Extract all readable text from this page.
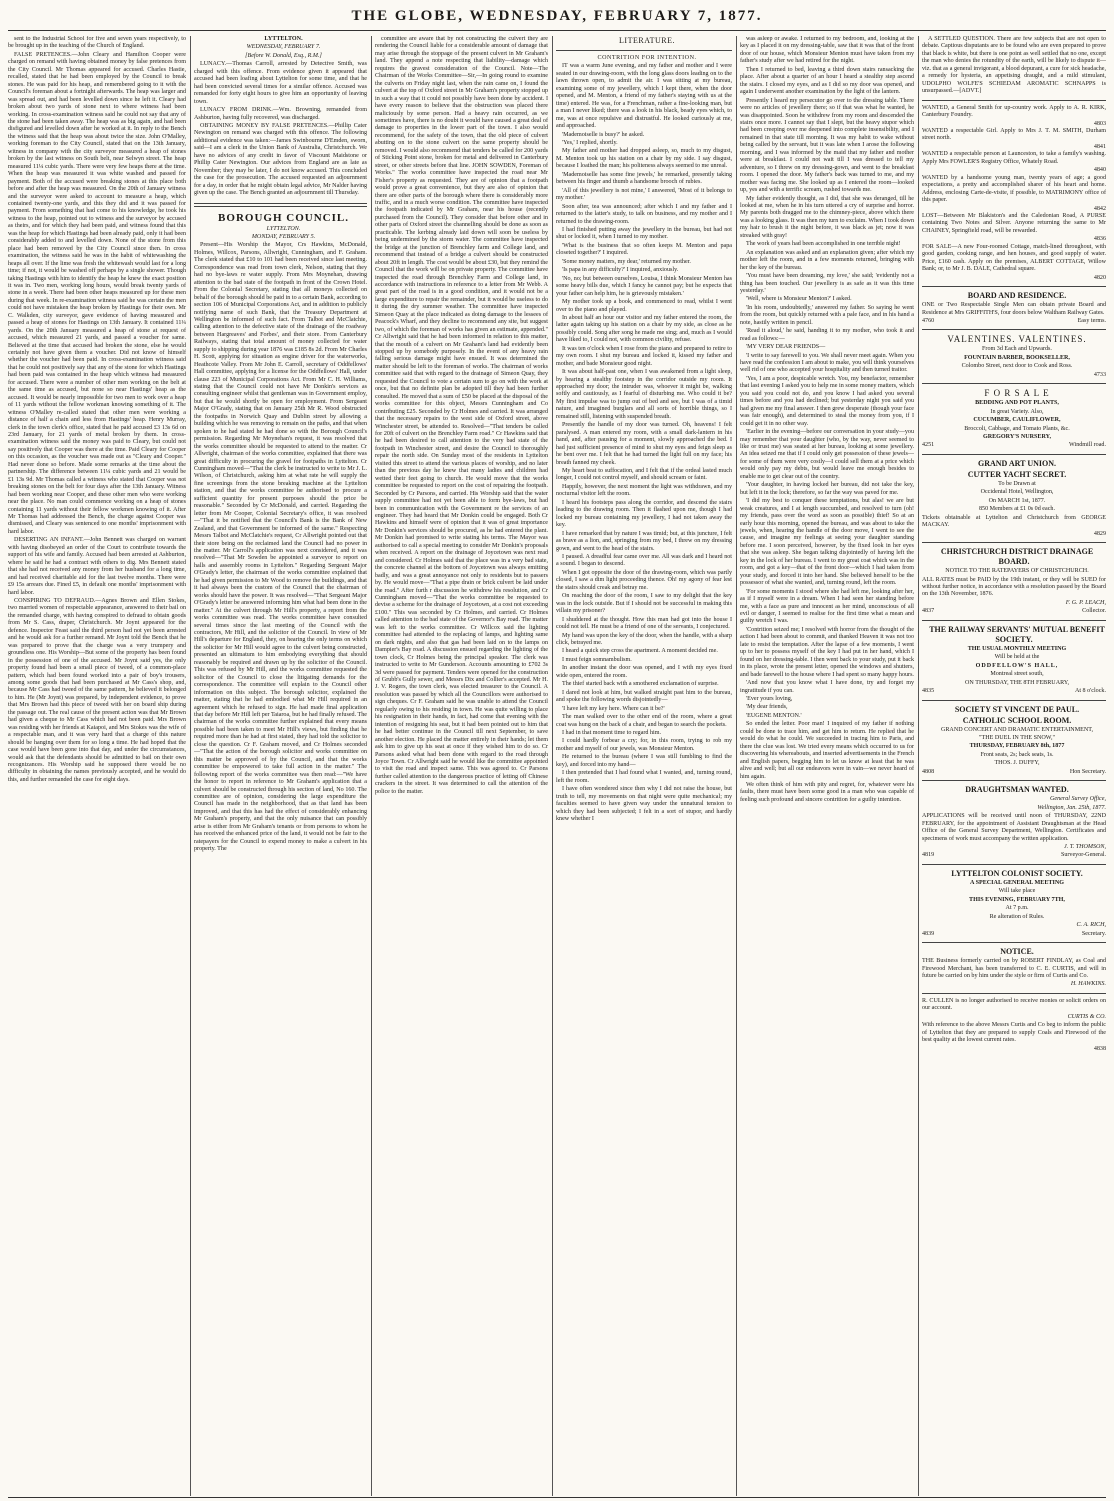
THE GLOBE, WEDNESDAY, FEBRUARY 7, 1877.

sent to the Industrial School for five and seven years respectively, to be brought up in the teaching of the Church of England.

FALSE PRETENCES.—John Cleary and Hamilton Cooper were charged on remand with having obtained money by false pretences from the City Council. Mr Thomas appeared for accused. Charles Hastie, recalled, stated that he had been employed by the Council to break stones. He was paid for his heap, and remembered going to it with the Council's foreman about a fortnight afterwards. The heap was larger and was spread out, and had been levelled down since he left it. Cleary had broken about two yards of stone next to where witness had been working. In cross-examination witness said he could not say that any of the stone had been taken away. The heap was as big again, and had been disfigured and levelled down after he worked at it. In reply to the Bench the witness said that the heap was about twice the size. John O'Malley, working foreman to the City Council, stated that on the 13th January, witness in company with the city surveyor measured a heap of stones broken by the last witness on South belt, near Selwyn street. The heap measured 11¼ cubic yards. There were very few heaps there at the time. When the heap was measured it was white washed and passed for payment. Both of the accused were breaking stones at this place both before and after the heap was measured. On the 20th of January witness and the surveyor were asked to account to measure a heap, which contained twenty-one yards, and this they did and it was passed for payment. From something that had come to his knowledge, he took his witness to the heap, pointed out to witness and the surveyor by accused as theirs, and for which they had been paid, and witness found that this was the heap for which Hastings had been already paid, only it had been considerably added to and levelled down. None of the stone from this place had been removed by the City Council since then. In cross examination, the witness said he was in the habit of whitewashing the heaps all over. If the lime was fresh the whitewash would last for a long time; if not, it would be washed off perhaps by a single shower. Though taking Hastings with him to identify the heap he knew the exact position it was in. Two men, working long hours, would break twenty yards of stone in a week. There had been other heaps measured up for these men during that week. In re-examination witness said he was certain the men could not have mistaken the heap broken by Hastings for their own. Mr C. Walkden, city surveyor, gave evidence of having measured and passed a heap of stones for Hastings on 13th January. It contained 11¼ yards. On the 20th January measured a heap of stone at request of accused, which measured 21 yards, and passed a voucher for same. Believed at the time that accused had broken the stone, else he would certainly not have given them a voucher. Did not know of himself whether the voucher had been paid. In cross-examination witness said that he could not positively say that any of the stone for which Hastings had been paid was contained in the heap which witness had measured for accused. There were a number of other men working on the belt at the same time as accused, but none so near Hastings' heap as the accused. It would be nearly impossible for two men to work over a heap of 11 yards without the fellow workman knowing something of it. The witness O'Malley re-called stated that other men were working a distance of half a chain and less from Hastings' heap. Henry Murray, clerk in the town clerk's office, stated that he paid accused £3 13s 6d on 23rd January, for 21 yards of metal broken by them. In cross-examination witness said the money was paid to Cleary, but could not say positively that Cooper was there at the time. Paid Cleary for Cooper on this occasion, as the voucher was made out as "Cleary and Cooper." Had never done so before. Made some remarks at the time about the partnership. The difference between 11¼ cubic yards and 21 would be £1 13s 9d. Mr Thomas called a witness who stated that Cooper was not breaking stones on the belt for four days after the 13th January. Witness had been working near Cooper, and these other men who were working near the place. No man could commence working on a heap of stones containing 11 yards without their fellow workmen knowing of it. After Mr Thomas had addressed the Bench, the charge against Cooper was dismissed, and Cleary was sentenced to one months' imprisonment with hard labor.

DESERTING AN INFANT.—John Bennett was charged on warrant with having disobeyed an order of the Court to contribute towards the support of his wife and family. Accused had been arrested at Ashburton, where he said he had a contract with others to dig. Mrs Bennett stated that she had not received any money from her husband for a long time, and had received charitable aid for the last twelve months. There were £9 15s arrears due. Fined £5, in default one months' imprisonment with hard labor.

CONSPIRING TO DEFRAUD.—Agnes Brown and Ellen Stokes, two married women of respectable appearance, answered to their bail on the remanded charge, with having conspired to defraud to obtain goods from Mr S. Cass, draper, Christchurch. Mr Joynt appeared for the defence. Inspector Feast said the third person had not yet been arrested and he would ask for a further remand. Mr Joynt told the Bench that he was prepared to prove that the charge was a very trumpery and groundless one. His Worship—But some of the property has been found in the possession of one of the accused. Mr Joynt said yes, the only property found had been a small piece of tweed, of a common-place pattern, which had been found worked into a pair of boy's trousers, among some goods that had been purchased at Mr Cass's shop, and, because Mr Cass had tweed of the same pattern, he believed it belonged to him. He (Mr Joynt) was prepared, by independent evidence, to prove that Mrs Brown had this piece of tweed with her on board ship during the passage out. The real cause of the present action was that Mr Brown had given a cheque to Mr Cass which had not been paid. Mrs Brown was residing with her friends at Kaiapoi, and Mrs Stokes was the wife of a respectable man, and it was very hard that a charge of this nature should be hanging over them for so long a time. He had hoped that the case would have been gone into that day, and under the circumstances, would ask that the defendants should be admitted to bail on their own recognizances. His Worship said he supposed there would be no difficulty in obtaining the names previously accepted, and he would do this, and further remanded the case for eight days.

LYTTELTON.

WEDNESDAY, FEBRUARY 7.

[Before W. Donald, Esq., R.M.]

LUNACY.—Thomas Carroll, arrested by Detective Smith, was charged with this offence. From evidence given it appeared that accused had been loafing about Lyttelton for some time, and that he had been convicted several times for a similar offence. Accused was remanded for forty eight hours to give him an opportunity of leaving town.

LUNACY FROM DRINK.—Wm. Browning, remanded from Ashburton, having fully recovered, was discharged.

OBTAINING MONEY BY FALSE PRETENCES.—Phillip Cater Newington on remand was charged with this offence. The following additional evidence was taken:—James Swinbourne D'Emden, sworn, said—I am a clerk in the Union Bank of Australia, Christchurch. We have no advices of any credit in favor of Viscount Maidstone or Phillip Cater Newington. Our advices from England are as late as November; they may be later, I do not know accused. This concluded the case for the prosecution. The accused requested an adjournment for a day, in order that he might obtain legal advice, Mr Nalder having given up the case. The Bench granted an adjournment till Thursday.

BOROUGH COUNCIL.

LYTTELTON.

MONDAY, FEBRUARY 5.

Present—His Worship the Mayor, Crs Hawkins, McDonald, Holmes, Willcox, Parsons, Allwright, Cunningham, and F. Graham. The clerk stated that £10 to 101 had been received since last meeting. Correspondence was read from town clerk, Nelson, stating that they had no bye-laws re water supply. From Mrs Moynehan, drawing attention to the bad state of the footpath in front of the Crown Hotel. From the Colonial Secretary, stating that all moneys collected on behalf of the borough should be paid in to a certain Bank, according to section 106 of Municipal Corporations Act, and in addition to publicly notifying name of such Bank, that the Treasury Department at Wellington be informed of such fact. From Talbot and McClatchie, calling attention to the defective state of the drainage of the roadway between Hargreaves' and Forbes', and their store. From Canterbury Railways, stating that total amount of money collected for water supply to shipping during year 1876 was £185 8s 2d. From Mr Charles H. Scott, applying for situation as engine driver for the waterworks, Heathcote Valley. From Mr John E. Carroll, secretary of Oddfellows' Hall committee, applying for a license for the Oddfellows' Hall, under clause 223 of Municipal Corporations Act. From Mr C. H. Williams, stating that the Council could not have Mr Donkin's services as consulting engineer whilst that gentleman was in Government employ, but that he would shortly be open for employment. From Sergeant Major O'Grady, stating that on January 25th Mr R. Wood obstructed the footpaths in Norwich Quay and Dublin street by allowing a building which he was removing to remain on the paths, and that when spoken to he had stated he had done so with the Borough Council's permission. Regarding Mr Moynehan's request, it was resolved that the works committee should be requested to attend to the matter. Cr Allwright, chairman of the works committee, explained that there was great difficulty in procuring the gravel for footpaths in Lyttelton. Cr Cunningham moved—"That the clerk be instructed to write to Mr J. L. Wilson, of Christchurch, asking him at what rate he will supply the fine screenings from the stone breaking machine at the Lyttelton station, and that the works committee be authorised to procure a sufficient quantity for present purposes should the price be reasonable." Seconded by Cr McDonald, and carried. Regarding the letter from Mr Cooper, Colonial Secretary's office, it was resolved—"That it be notified that the Council's Bank is the Bank of New Zealand, and that Government be informed of the same." Respecting Messrs Talbot and McClatchie's request, Cr Allwright pointed out that their store being on the reclaimed land the Council had no power in the matter. Mr Carroll's application was next considered, and it was resolved—"That Mr Sowden be appointed a surveyor to report on halls and assembly rooms in Lyttelton." Regarding Sergeant Major O'Grady's letter, the chairman of the works committee explained that he had given permission to Mr Wood to remove the buildings, and that it had always been the custom of the Council that the chairman of works should have the power. It was resolved—"That Sergeant Major O'Grady's letter be answered informing him what had been done in the matter." At the culvert through Mr Hill's property, a report from the works committee was read. The works committee have consulted several times since the last meeting of the Council with the contractors, Mr Hill, and the solicitor of the Council. In view of Mr Hill's departure for England, they, on hearing the only terms on which the solicitor for Mr Hill would agree to the culvert being constructed, presented an ultimatum to him embodying everything that should reasonably be required and drawn up by the solicitor of the Council. This was refused by Mr Hill, and the works committee requested the solicitor of the Council to close the litigating demands for the correspondence. The committee will explain to the Council other information on this subject. The borough solicitor, explained the matter, stating that he had embodied what Mr Hill required in an agreement which he refused to sign. He had made final application that day before Mr Hill left per Taiaroa, but he had finally refused. The chairman of the works committee further explained that every means possible had been taken to meet Mr Hill's views, but finding that he required more than he had at first stated, they had told the solicitor to close the question. Cr F. Graham moved, and Cr Holmes seconded—"That the action of the borough solicitor and works committee on this matter be approved of by the Council, and that the works committee be empowered to take full action in the matter." The following report of the works committee was then read:—"We have the honor to report in reference to Mr Graham's application that a culvert should be constructed through his section of land, No 160. The committee are of opinion, considering the large expenditure the Council has made in the neighborhood, that as that land has been improved, and that this has had the effect of considerably enhancing Mr Graham's property, and that the only nuisance that can possibly arise is either from Mr Graham's tenants or from persons to whom he has received the enhanced price of the land, it would not be fair to the ratepayers for the Council to expend money to make a culvert in his property. The

committee are aware that by not constructing the culvert they are rendering the Council liable for a considerable amount of damage that may arise through the stoppage of the present culvert in Mr Graham's land. They append a note respecting that liability—damage which requires the gravest consideration of the Council. Note—The Chairman of the Works Committee—Sir,—In going round to examine the culverts on Friday night last, when the rain came on, I found the culvert at the top of Oxford street in Mr Graham's property stopped up in such a way that it could not possibly have been done by accident. I have every reason to believe that the obstruction was placed there maliciously by some person. Had a heavy rain occurred, as we sometimes have, there is no doubt it would have caused a great deal of damage to properties in the lower part of the town. I also would recommend, for the safety of the town, that the old piece of culvert abutting on to the stone culvert on the same property should be removed. I would also recommend that tenders be called for 200 yards of Sticking Point stone, broken for metal and delivered in Canterbury street, or other streets before that line. JOHN SOWDEN, Foreman of Works." The works committee have inspected the road near Mr Fisher's property as requested. They are of opinion that a footpath would prove a great convenience, but they are also of opinion that there are other parts of the borough where there is considerably more traffic, and in a much worse condition. The committee have inspected the footpath indicated by Mr Graham, near his house (recently purchased from the Council). They consider that before other and in other parts of Oxford street the channelling should be done as soon as practicable. The kerbing already laid down will soon be useless by being undermined by the storm water. The committee have inspected the bridge at the junction of Brenchley farm and College land, and recommend that instead of a bridge a culvert should be constructed about 20ft in length. The cost would be about £30, but they remind the Council that the work will be on private property. The committee have inspected the road through Brenchley Farm and College land, in accordance with instructions in reference to a letter from Mr Webb. A great part of the road is in a good condition, and it would not be a large expenditure to repair the remainder, but it would be useless to do it during the dry summer weather. The committee have inspected Simeon Quay at the place indicated as doing damage to the lessees of Peacock's Wharf, and they decline to recommend any site, but suggest two, of which the foreman of works has given an estimate, appended." Cr Allwright said that he had been informed in relation to this matter, that the mouth of a culvert on Mr Graham's land had evidently been stopped up by somebody purposely. In the event of any heavy rain falling serious damage might have ensued. It was determined the matter should be left to the foreman of works. The chairman of works committee said that with regard to the drainage of Simeon Quay, they requested the Council to vote a certain sum to go on with the work at once, but that no definite plan be adopted till they had been further consulted. He moved that a sum of £50 be placed at the disposal of the works committee for this object, Messrs Cunningham and Co contributing £25. Seconded by Cr Holmes and carried. It was arranged that the necessary repairs to the west side of Oxford street, above Winchester street, be attended to. Resolved—"That tenders be called for 20ft of culvert on the Brenchley Farm road." Cr Hawkins said that he had been desired to call attention to the very bad state of the footpath in Winchester street, and desire the Council to thoroughly repair the north side. On Sunday most of the residents in Lyttelton visited this street to attend the various places of worship, and no later than the previous day he knew that many ladies and children had wetted their feet going to church. He would move that the works committee be requested to report on the cost of repairing the footpath. Seconded by Cr Parsons, and carried. His Worship said that the water supply committee had not yet been able to form bye-laws, but had been in communication with the Government re the services of an engineer. They had heard that Mr Donkin could be engaged. Both Cr Hawkins and himself were of opinion that it was of great importance Mr Donkin's services should be procured, as he had entered the plant. Mr Donkin had promised to write stating his terms. The Mayor was authorised to call a special meeting to consider Mr Donkin's proposals when received. A report on the drainage of Joycetown was next read and considered. Cr Holmes said that the place was in a very bad state, the concrete channel at the bottom of Joycetown was always emitting badly, and was a great annoyance not only to residents but to passers by. He would move—"That a pipe drain or brick culvert be laid under the road." After furth r discussion he withdrew his resolution, and Cr Cunningham moved—"That the works committee be requested to devise a scheme for the drainage of Joycetown, at a cost not exceeding £100." This was seconded by Cr Holmes, and carried. Cr Holmes called attention to the bad state of the Governor's Bay road. The matter was left to the works committee. Cr Willcox said the lighting committee had attended to the replacing of lamps, and lighting same on dark nights, and also that gas had been laid on to the lamps on Dampier's Bay road. A discussion ensued regarding the lighting of the town clock, Cr Holmes being the principal speaker. The clerk was instructed to write to Mr Gunderson. Accounts amounting to £702 3s 3d were passed for payment. Tenders were opened for the construction of Grubb's Gully sewer, and Messrs Dix and Collier's accepted. Mr H. J. V. Rogers, the town clerk, was elected treasurer to the Council. A resolution was passed by which all the Councillors were authorised to sign cheques. Cr F. Graham said he was unable to attend the Council regularly owing to his residing in town. He was quite willing to place his resignation in their hands, in fact, had come that evening with the intention of resigning his seat, but it had been pointed out to him that he had better continue in the Council till next September, to save another election. He placed the matter entirely in their hands; let them ask him to give up his seat at once if they wished him to do so. Cr Parsons asked what had been done with regard to the road through Joyce Town. Cr Allwright said he would like the committee appointed to visit the road and inspect same. This was agreed to. Cr Parsons further called attention to the dangerous practice of letting off Chinese crackers in the street. It was determined to call the attention of the police to the matter.

LITERATURE.

CONTRITION FOR INTENTION.

IT was a warm June evening, and my father and mother and I were seated in our drawing-room, with the long glass doors leading on to the lawn thrown open, to admit the air. I was sitting at my bureau, examining some of my jewellery, which I kept there, when the door opened, and M. Menton, a friend of my father's staying with us at the time) entered. He was, for a Frenchman, rather a fine-looking man, but a man I never liked; there was a look in his black, beady eyes which, to me, was at once repulsive and distrustful. He looked curiously at me, and approached.

'Mademoiselle is busy?' he asked.

'Yes,' I replied, shortly.

My father and mother had dropped asleep, so, much to my disgust, M. Menton took up his station on a chair by my side. I say disgust, because I loathed the man; his politeness always seemed to me unreal.

'Mademoiselle has some fine jewels,' he remarked, presently taking between his finger and thumb a handsome brooch of rubies.

'All of this jewellery is not mine,' I answered, 'Most of it belongs to my mother.'

Soon after, tea was announced; after which I and my father and I returned to the latter's study, to talk on business, and my mother and I returned to the drawing-room.

I had finished putting away the jewellery in the bureau, but had not shut or locked it, when I turned to my mother.

'What is the business that so often keeps M. Menton and papa closeted together?' I inquired.

'Some money matters, my dear,' returned my mother.

'Is papa in any difficulty?' I inquired, anxiously.

'No, no; but between ourselves, Louisa, I think Monsieur Menton has some heavy bills due, which I fancy he cannot pay; but he expects that your father can help him, he is grievously mistaken.'

My mother took up a book, and commenced to read, whilst I went over to the piano and played.

In about half an hour our visitor and my father entered the room, the latter again taking up his station on a chair by my side, as close as he possibly could. Song after song he made me sing; and, much as I would have liked to, I could not, with common civility, refuse.

It was ten o'clock when I rose from the piano and prepared to retire to my own room. I shut my bureau and locked it, kissed my father and mother, and bade Monsieur good night.

It was about half-past one, when I was awakened from a light sleep, by hearing a stealthy footstep in the corridor outside my room. It approached my door; the intruder was, whoever it might be, walking softly and cautiously, as I fearful of disturbing me. Who could it be? My first impulse was to jump out of bed and see, but I was of a timid nature, and imagined burglars and all sorts of horrible things, so I remained still, listening with suspended breath.

Presently the handle of my door was turned. Oh, heavens! I felt paralysed. A man entered my room, with a small dark-lantern in his hand, and, after pausing for a moment, slowly approached the bed. I had just sufficient presence of mind to shut my eyes and feign sleep as he bent over me. I felt that he had turned the light full on my face; his breath fanned my cheek.

My heart beat to suffocation, and I felt that if the ordeal lasted much longer, I could not control myself, and should scream or faint.

Happily, however, the next moment the light was withdrawn, and my nocturnal visitor left the room.

I heard his footsteps pass along the corridor, and descend the stairs leading to the drawing room. Then it flashed upon me, though I had locked my bureau containing my jewellery, I had not taken away the key.

I have remarked that by nature I was timid; but, at this juncture, I felt as brave as a lion, and, springing from my bed, I threw on my dressing gown, and went to the head of the stairs.

I paused. A dreadful fear came over me. All was dark and I heard not a sound. I began to descend.

When I got opposite the door of the drawing-room, which was partly closed, I saw a dim light proceeding thence. Oh! my agony of fear lest the stairs should creak and betray me.

On reaching the door of the room, I saw to my delight that the key was in the lock outside. But if I should not be successful in making this villain my prisoner?

I shuddered at the thought. How this man had got into the house I could not tell. He must be a friend of one of the servants, I conjectured.

My hand was upon the key of the door, when the handle, with a sharp click, betrayed me.

I heard a quick step cross the apartment. A moment decided me.

I must feign somnambulism.

In another instant the door was opened, and I with my eyes fixed wide open, entered the room.

The thief started back with a smothered exclamation of surprise.

I dared not look at him, but walked straight past him to the bureau, and spoke the following words disjointedly—

'I have left my key here. Where can it be?'

The man walked over to the other end of the room, where a great coat was hung on the back of a chair, and began to search the pockets.

I had in that moment time to regard him.

I could hardly forbear a cry; for, in this room, trying to rob my mother and myself of our jewels, was Monsieur Menton.

He returned to the bureau (where I was still fumbling to find the key), and forced into my hand—

I then pretended that I had found what I wanted, and, turning round, left the room.

I have often wondered since then why I did not raise the house, but truth to tell, my movements on that night were quite mechanical; my faculties seemed to have given way under the unnatural tension to which they had been subjected; I felt in a sort of stupor, and hardly knew whether I

was asleep or awake. I returned to my bedroom, and, looking at the key as I placed it on my dressing-table, saw that it was that of the front door of our house, which Monsieur Menton must have taken from my father's study after we had retired for the night.

Then I returned to bed, leaving a third down stairs ransacking the place. After about a quarter of an hour I heard a stealthy step ascend the stairs. I closed my eyes, and as I did so my door was opened, and again I underwent another examination by the light of the lantern.

Presently I heard my persecutor go over to the dressing table. There were no articles of jewellery there; so if that was what he wanted, he was disappointed. Soon he withdrew from my room and descended the stairs once more. I cannot say that I slept, but the heavy stupor which had been creeping over me deepened into complete insensibility, and I remained in that state till morning. It was my habit to wake without being called by the servant, but it was late when I arose the following morning, and I was informed by the maid that my father and mother were at breakfast. I could not wait till I was dressed to tell my adventure, so I threw on my dressing-gown, and went to the breakfast room. I opened the door. My father's back was turned to me, and my mother was facing me. She looked up as I entered the room—looked up, yes and with a terrific scream, rushed towards me.

My father evidently thought, as I did, that she was deranged, till he looked at me, when he in his turn uttered a cry of surprise and horror. My parents both dragged me to the chimney-piece, above which there was a looking glass. It was then my turn to exclaim. When I took down my hair to brush it the night before, it was black as jet; now it was streaked with gray!

The work of years had been accomplished in one terrible night!

An explanation was asked and an explanation given; after which my mother left the room, and in a few moments returned, bringing with her the key of the bureau.

'You must have been dreaming, my love,' she said; 'evidently not a thing has been touched. Our jewellery is as safe as it was this time yesterday.'

'Well, where is Monsieur Menton?' I asked.

'In his room, undoubtedly,' answered my father. So saying he went from the room, but quickly returned with a pale face, and in his hand a note, hastily written in pencil.

'Read it aloud,' he said, handing it to my mother, who took it and read as follows:—

'MY VERY DEAR FRIENDS—

'I write to say farewell to you. We shall never meet again. When you have read the confession I am about to make, you will think yourselves well rid of one who accepted your hospitality and then turned traitor.

'Yes, I am a poor, despicable wretch. You, my benefactor, remember that last evening I asked you to help me in some money matters, which you said you could not do, and you know I had asked you several times before and you had declined; but yesterday night you said you had given me my final answer. I then grew desperate (though your face was fair enough), and determined to steal the money from you, if I could get it in no other way.

'Earlier in the evening—before our conversation in your study—you may remember that your daughter (who, by the way, never seemed to like or trust me) was seated at her bureau, looking at some jewellery. An idea seized me that if I could only get possession of these jewels—for some of them were very costly—I could sell them at a price which would only pay my debts, but would leave me enough besides to enable me to get clear out of the country.

'Your daughter, in having locked her bureau, did not take the key, but left it in the lock; therefore, so far the way was paved for me.

'I did my best to conquer these temptations, but alas! we are but weak creatures, and I at length succumbed, and resolved to turn (oh! my friends, pass over the word as soon as possible) thief! So at an early hour this morning, opened the bureau, and was about to take the jewels, when, hearing the handle of the door move, I went to see the cause, and imagine my feelings at seeing your daughter standing before me. I soon perceived, however, by the fixed look in her eyes that she was asleep. She began talking disjointedly of having left the key in the lock of her bureau. I went to my great coat which was in the room, and got a key—that of the front door—which I had taken from your study, and forced it into her hand. She believed herself to be the possessor of what she wanted, and, turning round, left the room.

'For some moments I stood where she had left me, looking after her, as if I myself were in a dream. When I had seen her standing before me, with a face as pure and innocent as her mind, unconscious of all evil or danger, I seemed to realise for the first time what a mean and guilty wretch I was.

'Contrition seized me; I resolved with horror from the thought of the action I had been about to commit, and thanked Heaven it was not too late to resist the temptation. After the lapse of a few moments, I went up to her to possess myself of the key I had put in her hand, which I found on her dressing-table. I then went back to your study, put it back in its place, wrote the present letter, opened the windows and shutters, and bade farewell to the house where I had spent so many happy hours.

'And now that you know what I have done, try and forget my ingratitude if you can.

'Ever yours loving,

'My dear friends,

'EUGENE MENTON.'

So ended the letter. Poor man! I inquired of my father if nothing could be done to trace him, and get him to return. He replied that he would do what he could. We succeeded in tracing him to Paris, and there the clue was lost. We tried every means which occurred to us for discovering his whereabouts, and inserted advertisements in the French and English papers, begging him to let us know at least that he was alive and well; but all our endeavors were in vain—we never heard of him again.

We often think of him with pity and regret, for, whatever were his faults, there must have been some good in a man who was capable of feeling such profound and sincere contrition for a guilty intention.

A SETTLED QUESTION. There are few subjects that are not open to debate. Captious disputants are to be found who are even prepared to prove that black is white, but there is one point as well settled that no one, except the man who denies the rotundity of the earth, will be likely to dispute it—viz. that as a general invigorant, a blood depurant, a cure for sick headache, a remedy for hysteria, an appetising draught, and a mild stimulant, UDOLPHO WOLFE'S SCHIEDAM AROMATIC SCHNAPPS is unsurpassed.—[ADVT.]

WANTED, a General Smith for up-country work. Apply to A. R. KIRK, Canterbury Foundry.

4803

WANTED a respectable Girl. Apply to Mrs J. T. M. SMITH, Durham street north.

4841

WANTED a respectable person at Launceston, to take a family's washing. Apply Mrs FOWLER'S Registry Office, Whately Road.

4840

WANTED by a handsome young man, twenty years of age; a good expectations, a pretty and accomplished sharer of his heart and home. Address, enclosing Carte-de-visite, if possible, to MATRIMONY office of this paper.

4842

LOST—Between Mr Blakiston's and the Caledonian Road, A PURSE containing Two Notes and Silver. Anyone returning the same to Mr CHAINEY, Springfield road, will be rewarded.

4836

FOR SALE—A new Four-roomed Cottage, match-lined throughout, with good garden, cooking range, and hen houses, and good supply of water. Price, £160 cash. Apply on the premises, ALBERT COTTAGE, Willow Bank; or, to Mr J. B. DALE, Cathedral square.

4820

BOARD AND RESIDENCE.

ONE or Two Respectable Single Men can obtain private Board and Residence at Mrs GRIFFITH'S, four doors below Waltham Railway Gates.

4760	Easy terms.

VALENTINES. VALENTINES.

From 3d Each and Upwards.

FOUNTAIN BARBER, BOOKSELLER,

Colombo Street, next door to Cook and Ross.

4733

F O R S A L E

BEDDING AND POT PLANTS,

In great Variety. Also,

CUCUMBER, CAULIFLOWER,

Broccoli, Cabbage, and Tomato Plants, &c.

GREGORY'S NURSERY,

4251	Windmill road.

GRAND ART UNION.

CUTTER YACHT SECRET.

To be Drawn at

Occidental Hotel, Wellington,

On MARCH 1st, 1877.

850 Members at £1 0s 0d each.

Tickets obtainable at Lyttelton and Christchurch from GEORGE MACKAY.

4829

CHRISTCHURCH DISTRICT DRAINAGE BOARD.

NOTICE TO THE RATEPAYERS OF CHRISTCHURCH.

ALL RATES must be PAID by the 19th instant, or they will be SUED for without further notice, in accordance with a resolution passed by the Board on the 13th November, 1876.

F. G. P. LEACH,

4837	Collector.

THE RAILWAY SERVANTS' MUTUAL BENEFIT SOCIETY.

THE USUAL MONTHLY MEETING

Will be held at the

ODDFELLOW'S HALL,

Montreal street south,

ON THURSDAY, THE 8TH FEBRUARY,

4835	At 8 o'clock.

SOCIETY ST VINCENT DE PAUL.

CATHOLIC SCHOOL ROOM.

GRAND CONCERT AND DRAMATIC ENTERTAINMENT,

"THE DUEL IN THE SNOW,"

THURSDAY, FEBRUARY 8th, 1877

Front seats, 2s; back seats, 1s.

THOS. J. DUFFY,

4808	Hon Secretary.

DRAUGHTSMAN WANTED.

General Survey Office,

Wellington, Jan. 25th, 1877.

APPLICATIONS will be received until noon of THURSDAY, 22ND FEBRUARY, for the appointment of Assistant Draughtsman at the Head Office of the General Survey Department, Wellington. Certificates and specimens of work must accompany the written application.

J. T. THOMSON,

4819	Surveyor-General.

LYTTELTON COLONIST SOCIETY.

A SPECIAL GENERAL MEETING

Will take place

THIS EVENING, FEBRUARY 7TH,

At 7 p.m.

Re alteration of Rules.

C. A. RICH,

4839	Secretary.

NOTICE.

THE Business formerly carried on by ROBERT FINDLAY, as Coal and Firewood Merchant, has been transferred to C. E. CURTIS, and will in future be carried on by him under the style or firm of Curtis and Co.

H. HAWKINS.

R. CULLEN is no longer authorised to receive monies or solicit orders on our account.

CURTIS & CO.

With reference to the above Messrs Curtis and Co beg to inform the public of Lyttelton that they are prepared to supply Coals and Firewood of the best quality at the lowest current rates.

4838
